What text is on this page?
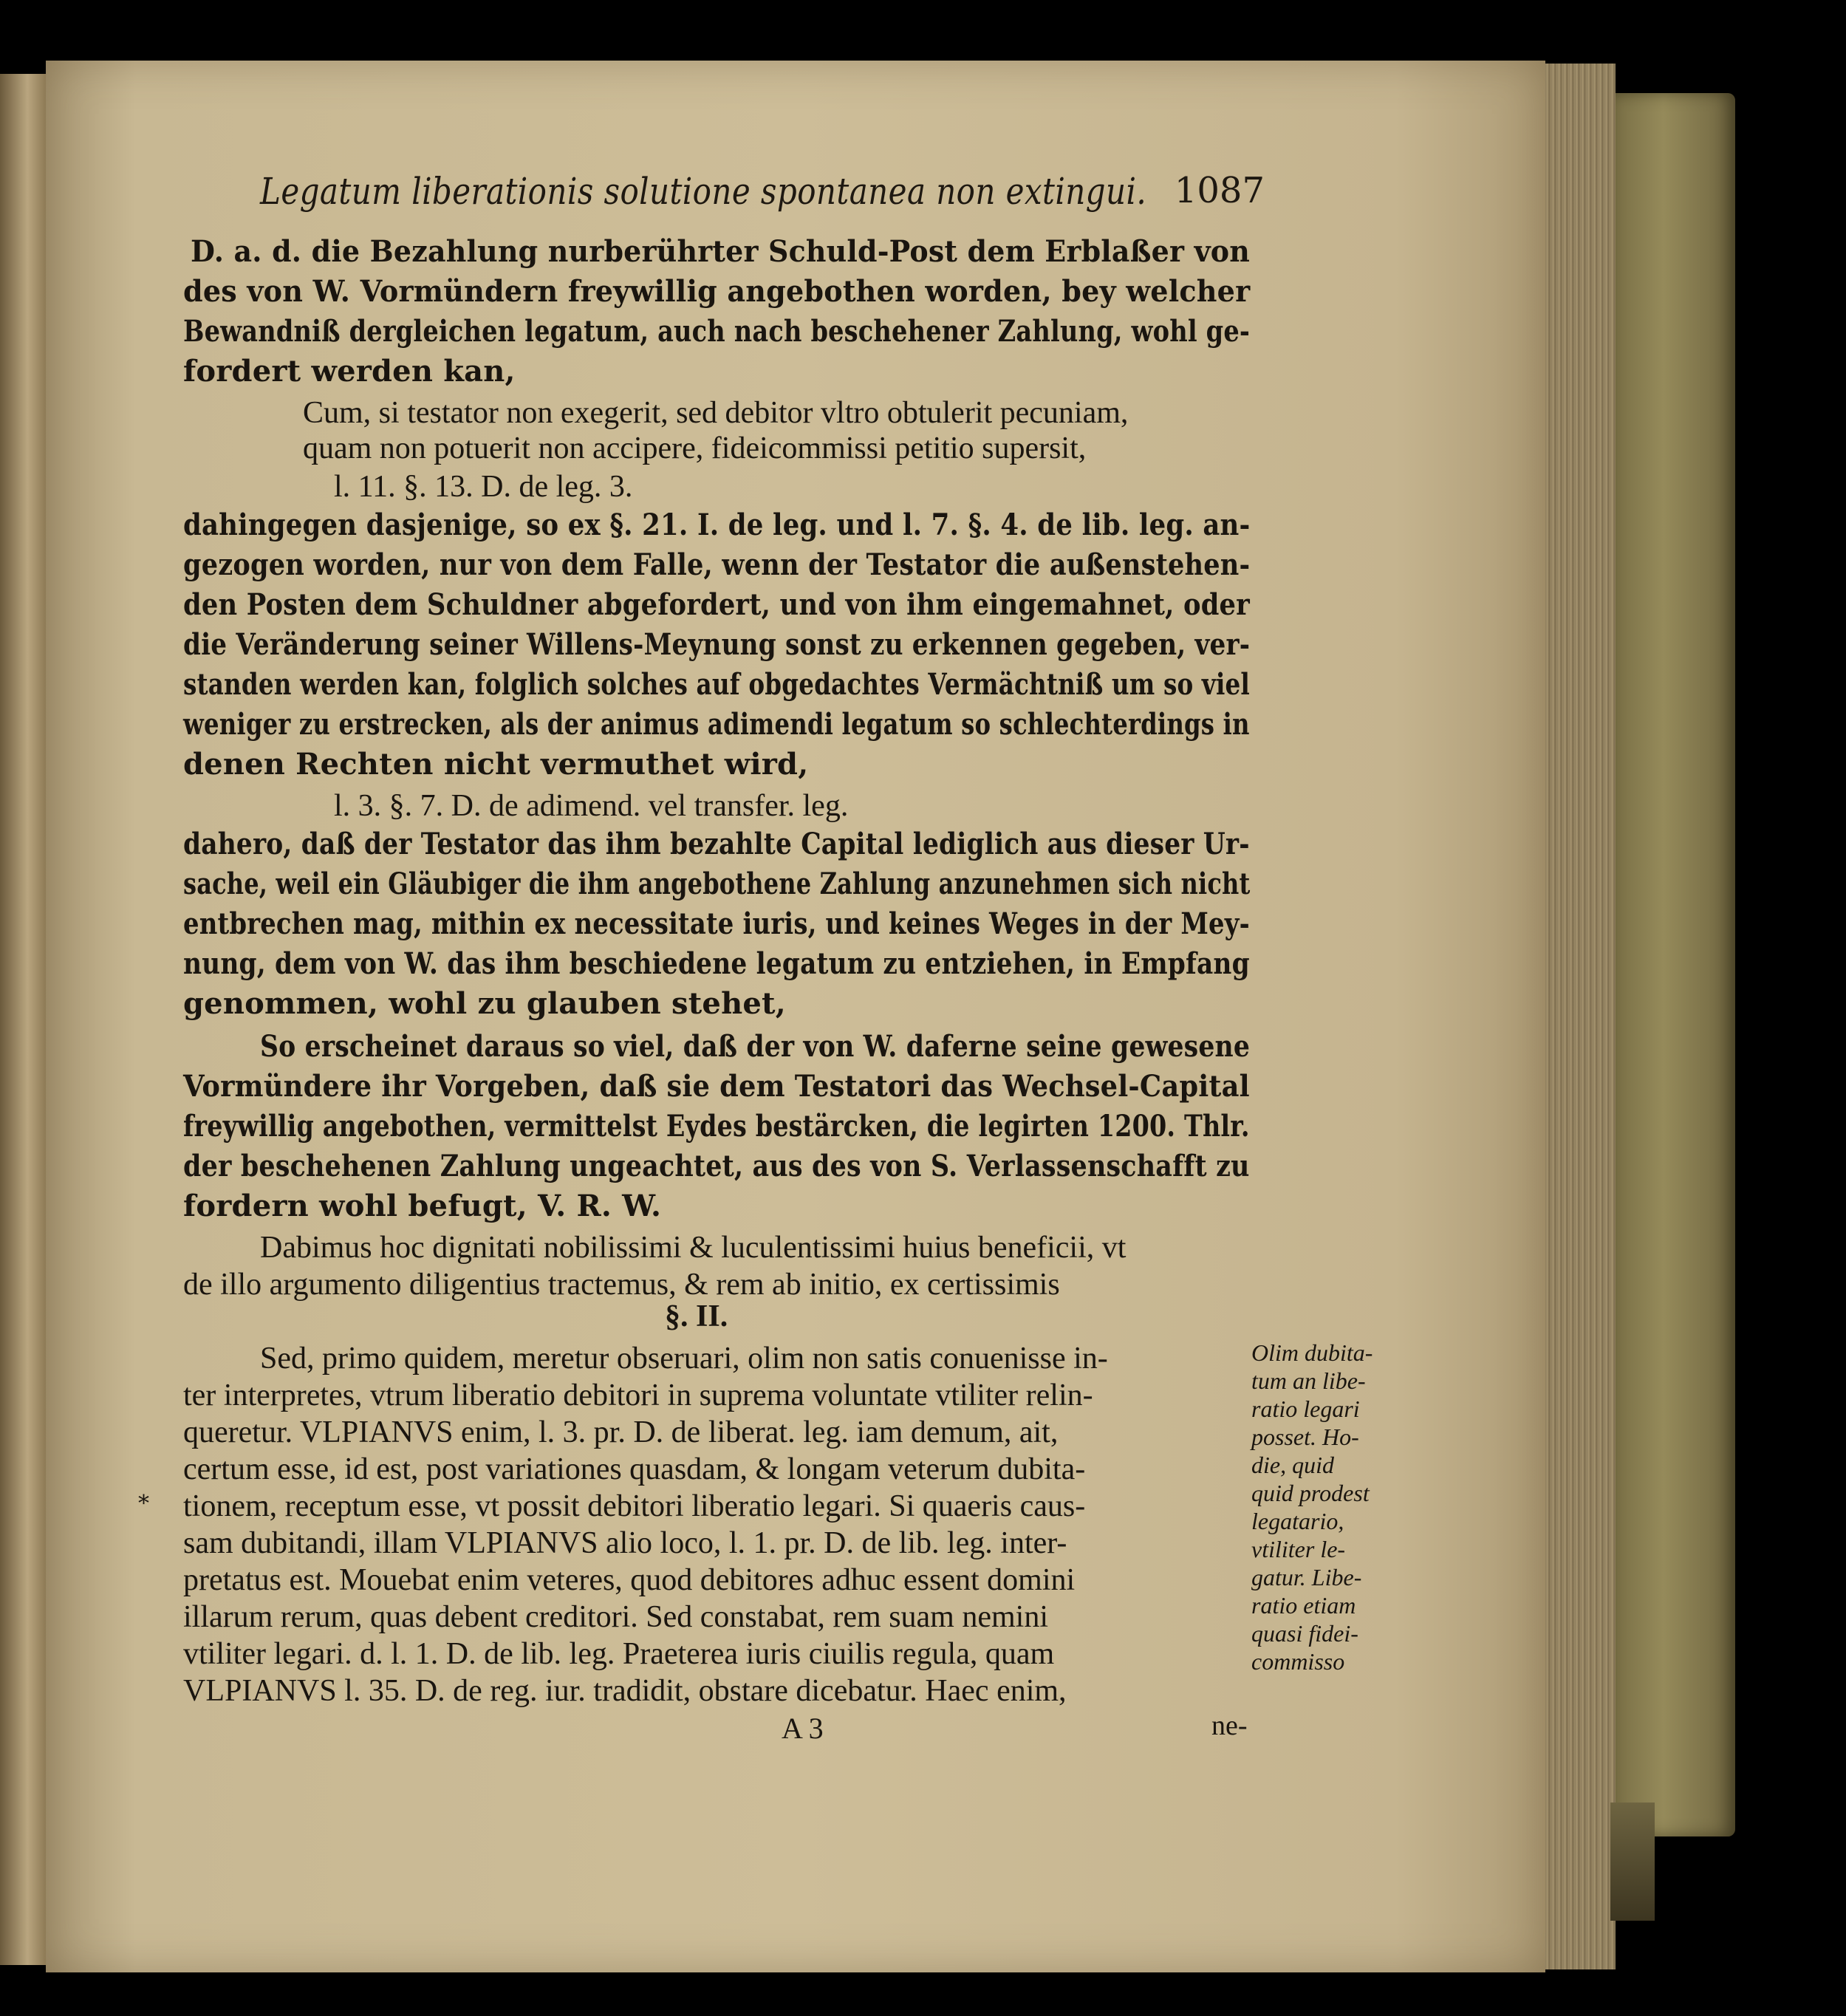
Legatum liberationis solutione spontanea non extingui. 1087
D. a. d. die Bezahlung nurberührter Schuld-Post dem Erblaßer von
des von W. Vormündern freywillig angebothen worden, bey welcher
Bewandniß dergleichen legatum, auch nach beschehener Zahlung, wohl ge-
fordert werden kan,
Cum, si testator non exegerit, sed debitor vltro obtulerit pecuniam,
quam non potuerit non accipere, fideicommissi petitio supersit,
l. 11. §. 13. D. de leg. 3.
dahingegen dasjenige, so ex §. 21. I. de leg. und l. 7. §. 4. de lib. leg. an-
gezogen worden, nur von dem Falle, wenn der Testator die außenstehen-
den Posten dem Schuldner abgefordert, und von ihm eingemahnet, oder
die Veränderung seiner Willens-Meynung sonst zu erkennen gegeben, ver-
standen werden kan, folglich solches auf obgedachtes Vermächtniß um so viel
weniger zu erstrecken, als der animus adimendi legatum so schlechterdings in
denen Rechten nicht vermuthet wird,
l. 3. §. 7. D. de adimend. vel transfer. leg.
dahero, daß der Testator das ihm bezahlte Capital lediglich aus dieser Ur-
sache, weil ein Gläubiger die ihm angebothene Zahlung anzunehmen sich nicht
entbrechen mag, mithin ex necessitate iuris, und keines Weges in der Mey-
nung, dem von W. das ihm beschiedene legatum zu entziehen, in Empfang
genommen, wohl zu glauben stehet,
So erscheinet daraus so viel, daß der von W. daferne seine gewesene
Vormündere ihr Vorgeben, daß sie dem Testatori das Wechsel-Capital
freywillig angebothen, vermittelst Eydes bestärcken, die legirten 1200. Thlr.
der beschehenen Zahlung ungeachtet, aus des von S. Verlassenschafft zu
fordern wohl befugt, V. R. W.
Dabimus hoc dignitati nobilissimi & luculentissimi huius beneficii, vt
de illo argumento diligentius tractemus, & rem ab initio, ex certissimis
§. II.
Sed, primo quidem, meretur obseruari, olim non satis conuenisse in-
ter interpretes, vtrum liberatio debitori in suprema voluntate vtiliter relin-
queretur. VLPIANVS enim, l. 3. pr. D. de liberat. leg. iam demum, ait,
certum esse, id est, post variationes quasdam, & longam veterum dubita-
tionem, receptum esse, vt possit debitori liberatio legari. Si quaeris caus-
sam dubitandi, illam VLPIANVS alio loco, l. 1. pr. D. de lib. leg. inter-
pretatus est. Mouebat enim veteres, quod debitores adhuc essent domini
illarum rerum, quas debent creditori. Sed constabat, rem suam nemini
vtiliter legari. d. l. 1. D. de lib. leg. Praeterea iuris ciuilis regula, quam
VLPIANVS l. 35. D. de reg. iur. tradidit, obstare dicebatur. Haec enim,
Olim dubita-
tum an libe-
ratio legari
posset. Ho-
die, quid
quid prodest
legatario,
vtiliter le-
gatur. Libe-
ratio etiam
quasi fidei-
commisso
*
A 3	ne-
